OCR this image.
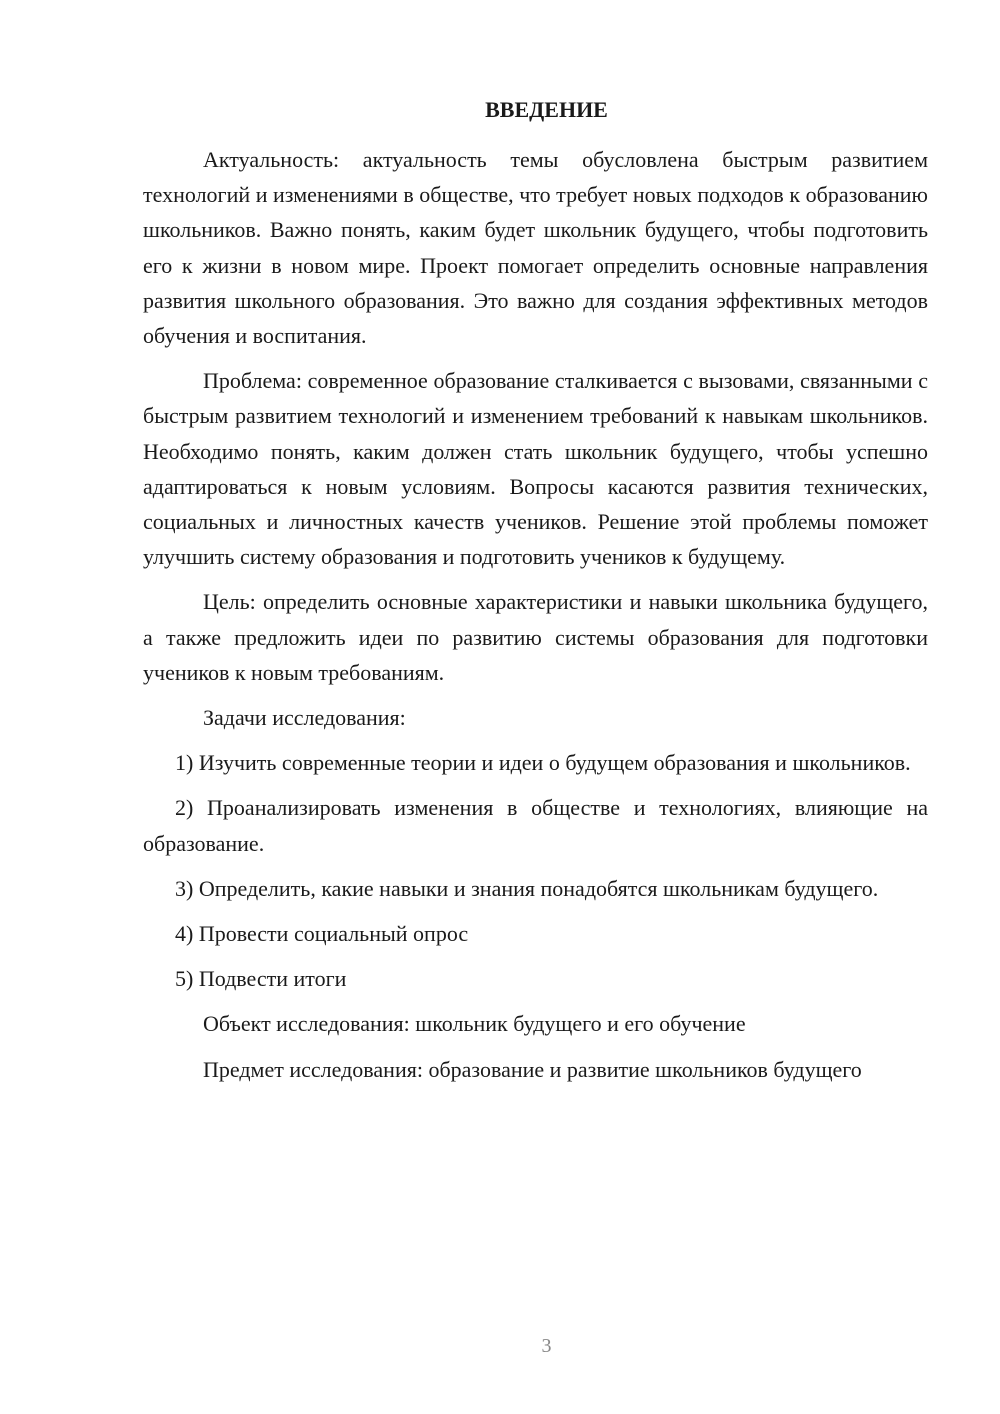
ВВЕДЕНИЕ

Актуальность: актуальность темы обусловлена быстрым развитием технологий и изменениями в обществе, что требует новых подходов к образованию школьников. Важно понять, каким будет школьник будущего, чтобы подготовить его к жизни в новом мире. Проект помогает определить основные направления развития школьного образования. Это важно для создания эффективных методов обучения и воспитания.

Проблема: современное образование сталкивается с вызовами, связанными с быстрым развитием технологий и изменением требований к навыкам школьников. Необходимо понять, каким должен стать школьник будущего, чтобы успешно адаптироваться к новым условиям. Вопросы касаются развития технических, социальных и личностных качеств учеников. Решение этой проблемы поможет улучшить систему образования и подготовить учеников к будущему.

Цель: определить основные характеристики и навыки школьника будущего, а также предложить идеи по развитию системы образования для подготовки учеников к новым требованиям.

Задачи исследования:

1) Изучить современные теории и идеи о будущем образования и школьников.

2) Проанализировать изменения в обществе и технологиях, влияющие на образование.

3) Определить, какие навыки и знания понадобятся школьникам будущего.

4) Провести социальный опрос

5) Подвести итоги

Объект исследования: школьник будущего и его обучение

Предмет исследования: образование и развитие школьников будущего

3
